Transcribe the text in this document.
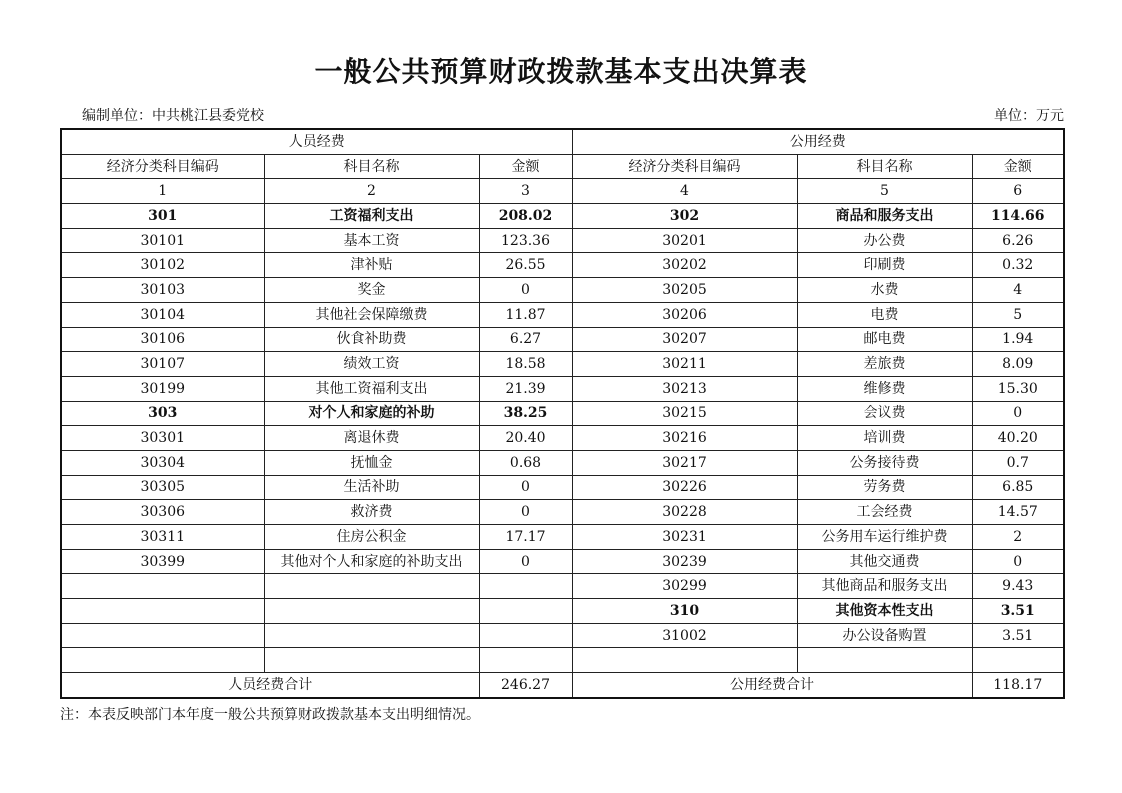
一般公共预算财政拨款基本支出决算表
编制单位：中共桃江县委党校	单位：万元
人员经费			公用经费		
经济分类科目编码	科目名称	金额	经济分类科目编码	科目名称	金额
1	2	3	4	5	6
301	工资福利支出	208.02	302	商品和服务支出	114.66
30101	基本工资	123.36	30201	办公费	6.26
30102	津补贴	26.55	30202	印刷费	0.32
30103	奖金	0	30205	水费	4
30104	其他社会保障缴费	11.87	30206	电费	5
30106	伙食补助费	6.27	30207	邮电费	1.94
30107	绩效工资	18.58	30211	差旅费	8.09
30199	其他工资福利支出	21.39	30213	维修费	15.30
303	对个人和家庭的补助	38.25	30215	会议费	0
30301	离退休费	20.40	30216	培训费	40.20
30304	抚恤金	0.68	30217	公务接待费	0.7
30305	生活补助	0	30226	劳务费	6.85
30306	救济费	0	30228	工会经费	14.57
30311	住房公积金	17.17	30231	公务用车运行维护费	2
30399	其他对个人和家庭的补助支出	0	30239	其他交通费	0
			30299	其他商品和服务支出	9.43
			310	其他资本性支出	3.51
			31002	办公设备购置	3.51

人员经费合计		246.27	公用经费合计		118.17
注：本表反映部门本年度一般公共预算财政拨款基本支出明细情况。
